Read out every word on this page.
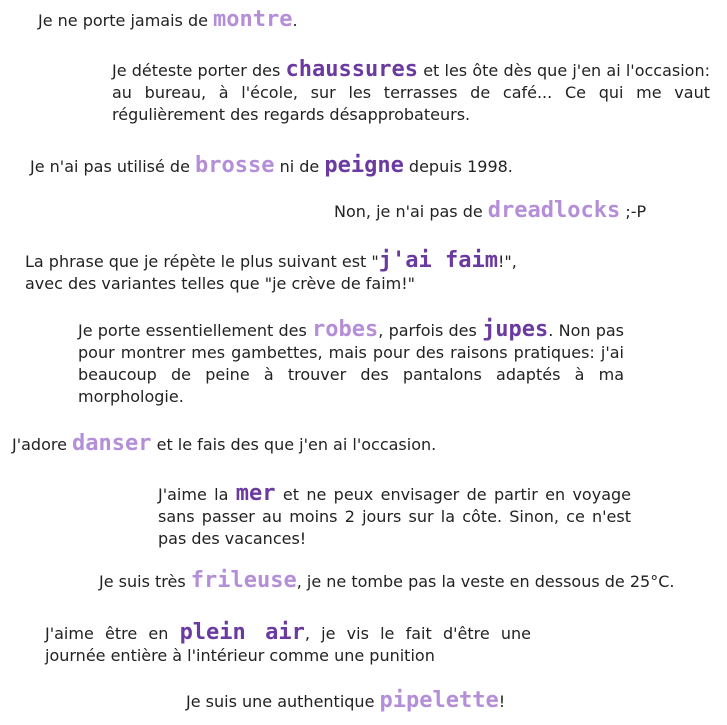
Je ne porte jamais de montre.

Je déteste porter des chaussures et les ôte dès que j'en ai l'occasion: au bureau, à l'école, sur les terrasses de café... Ce qui me vaut régulièrement des regards désapprobateurs.

Je n'ai pas utilisé de brosse ni de peigne depuis 1998.

Non, je n'ai pas de dreadlocks ;-P

La phrase que je répète le plus suivant est "j'ai faim!",
avec des variantes telles que "je crève de faim!"

Je porte essentiellement des robes, parfois des jupes. Non pas pour montrer mes gambettes, mais pour des raisons pratiques: j'ai beaucoup de peine à trouver des pantalons adaptés à ma morphologie.

J'adore danser et le fais des que j'en ai l'occasion.

J'aime la mer et ne peux envisager de partir en voyage sans passer au moins 2 jours sur la côte. Sinon, ce n'est pas des vacances!

Je suis très frileuse, je ne tombe pas la veste en dessous de 25°C.

J'aime être en plein air, je vis le fait d'être une journée entière à l'intérieur comme une punition

Je suis une authentique pipelette!
